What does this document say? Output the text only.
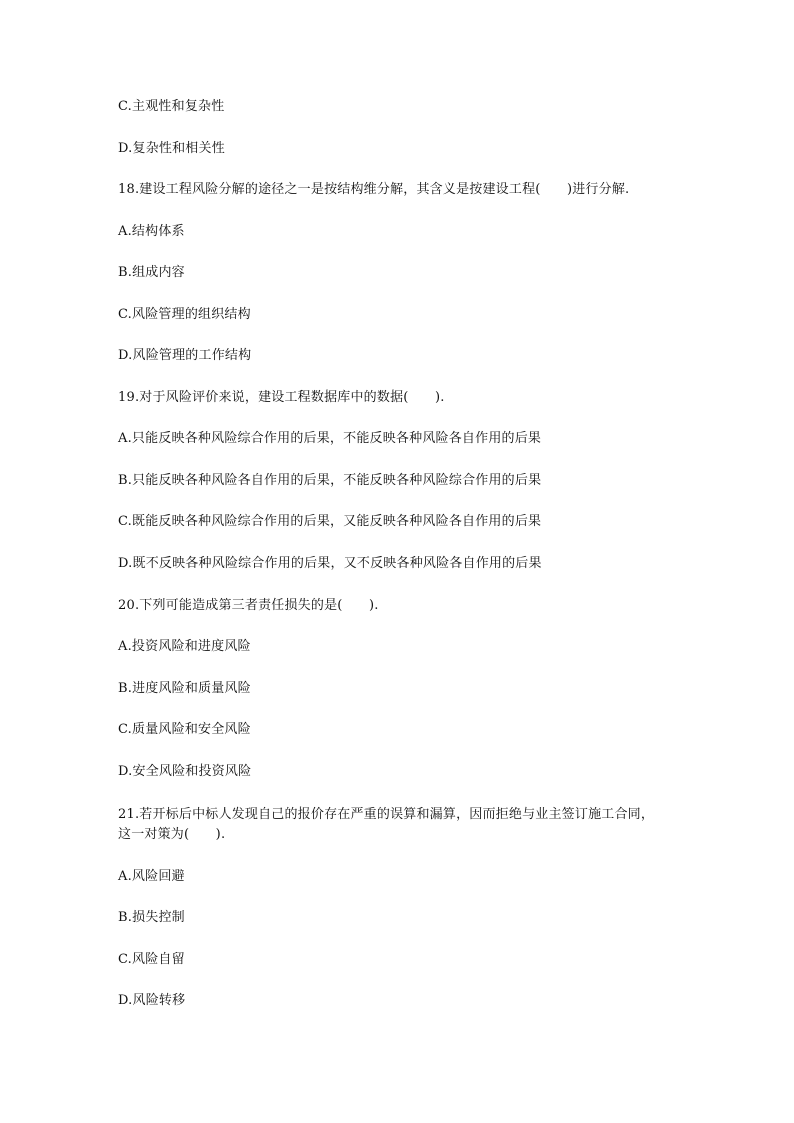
C.主观性和复杂性
D.复杂性和相关性
18.建设工程风险分解的途径之一是按结构维分解，其含义是按建设工程(　　)进行分解.
A.结构体系
B.组成内容
C.风险管理的组织结构
D.风险管理的工作结构
19.对于风险评价来说，建设工程数据库中的数据(　　).
A.只能反映各种风险综合作用的后果，不能反映各种风险各自作用的后果
B.只能反映各种风险各自作用的后果，不能反映各种风险综合作用的后果
C.既能反映各种风险综合作用的后果，又能反映各种风险各自作用的后果
D.既不反映各种风险综合作用的后果，又不反映各种风险各自作用的后果
20.下列可能造成第三者责任损失的是(　　).
A.投资风险和进度风险
B.进度风险和质量风险
C.质量风险和安全风险
D.安全风险和投资风险
21.若开标后中标人发现自己的报价存在严重的误算和漏算，因而拒绝与业主签订施工合同，
这一对策为(　　).
A.风险回避
B.损失控制
C.风险自留
D.风险转移
